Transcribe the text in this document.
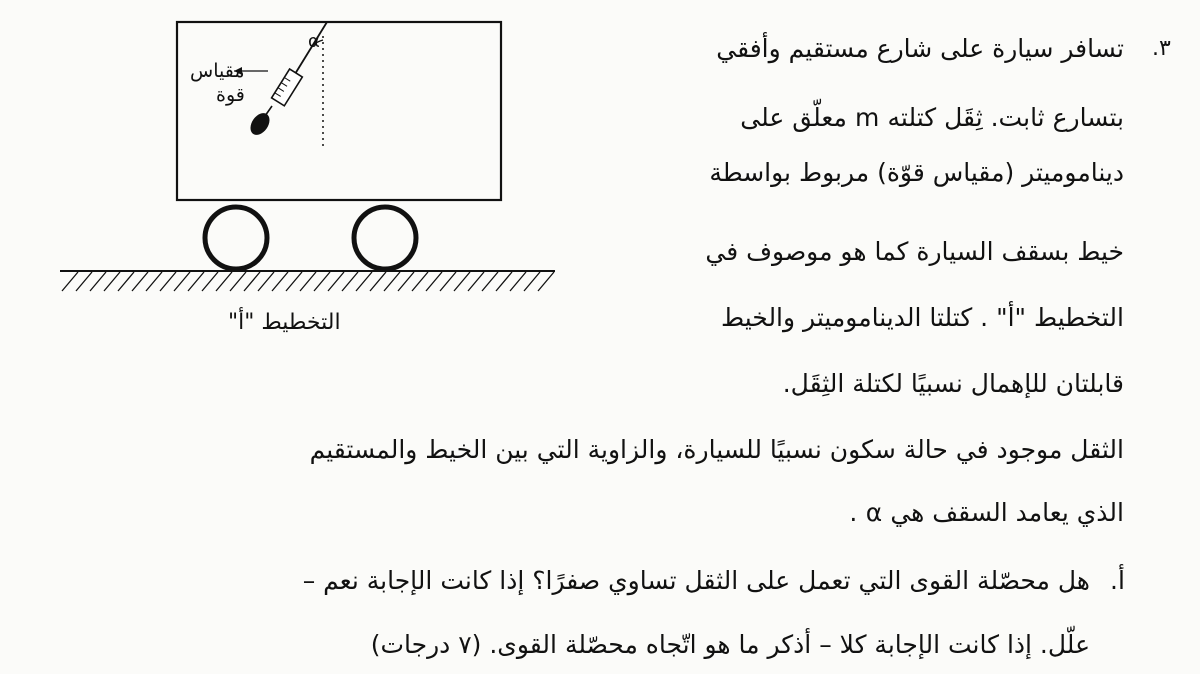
α
مقياس
قوة
التخطيط "أ"
٣.
تسافر سيارة على شارع مستقيم وأفقي
بتسارع ثابت. ثِقَل كتلته m معلّق على
ديناموميتر (مقياس قوّة) مربوط بواسطة
خيط بسقف السيارة كما هو موصوف في
التخطيط "أ" . كتلتا الديناموميتر والخيط
قابلتان للإهمال نسبيًا لكتلة الثِقَل.
الثقل موجود في حالة سكون نسبيًا للسيارة، والزاوية التي بين الخيط والمستقيم
الذي يعامد السقف هي α .
أ.
هل محصّلة القوى التي تعمل على الثقل تساوي صفرًا؟ إذا كانت الإجابة نعم –
علّل. إذا كانت الإجابة كلا – أذكر ما هو اتّجاه محصّلة القوى. (٧ درجات)
